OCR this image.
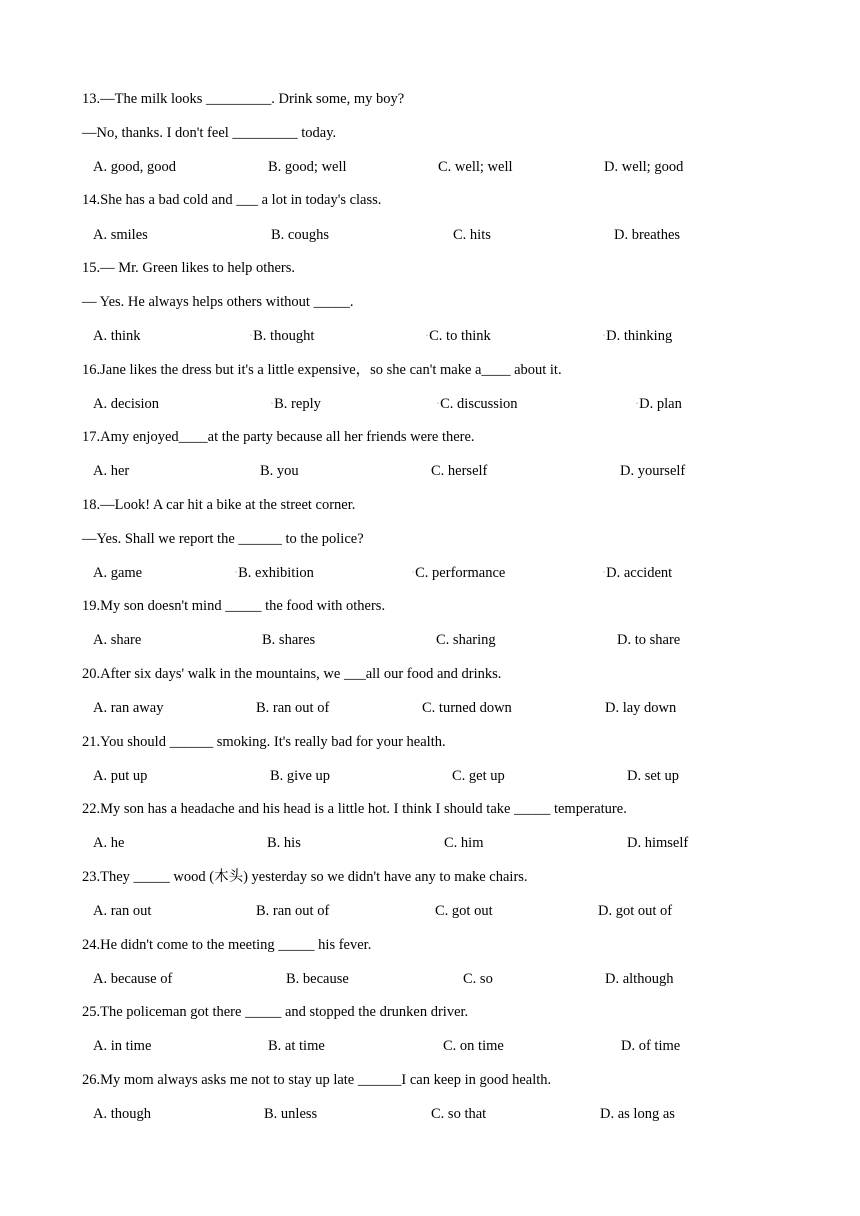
13.—The milk looks _________. Drink some, my boy?
—No, thanks. I don't feel _________ today.
A. good, good	B. good; well	C. well; well	D. well; good
14.She has a bad cold and ___ a lot in today's class.
A. smiles	B. coughs	C. hits	D. breathes
15.— Mr. Green likes to help others.
— Yes. He always helps others without _____.
A. think	◦B. thought	◦C. to think	◦D. thinking
16.Jane likes the dress but it's a little expensive，so she can't make a____ about it.
A. decision	◦B. reply	◦C. discussion	◦D. plan
17.Amy enjoyed____at the party because all her friends were there.
A. her	B. you	C. herself	D. yourself
18.—Look! A car hit a bike at the street corner.
—Yes. Shall we report the ______ to the police?
A. game	◦B. exhibition	◦C. performance	◦D. accident
19.My son doesn't mind _____ the food with others.
A. share	B. shares	C. sharing	D. to share
20.After six days' walk in the mountains, we ___all our food and drinks.
A. ran away	B. ran out of	C. turned down	D. lay down
21.You should ______ smoking. It's really bad for your health.
A. put up	B. give up	C. get up	D. set up
22.My son has a headache and his head is a little hot. I think I should take _____ temperature.
A. he	B. his	C. him	D. himself
23.They _____ wood (木头) yesterday so we didn't have any to make chairs.
A. ran out	B. ran out of	C. got out	D. got out of
24.He didn't come to the meeting _____ his fever.
A. because of	B. because	C. so	D. although
25.The policeman got there _____ and stopped the drunken driver.
A. in time	B. at time	C. on time	D. of time
26.My mom always asks me not to stay up late ______I can keep in good health.
A. though	B. unless	C. so that	D. as long as
